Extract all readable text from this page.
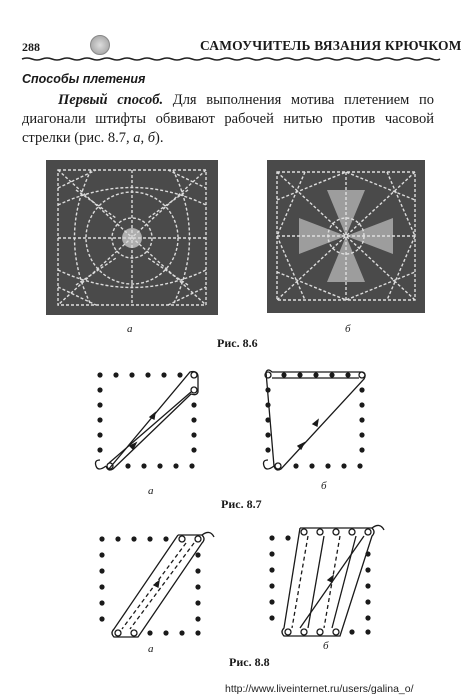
288	САМОУЧИТЕЛЬ ВЯЗАНИЯ КРЮЧКОМ
Способы плетения
Первый способ. Для выполнения мотива плетением по диагонали штифты обвивают рабочей нитью против часовой стрелки (рис. 8.7, а, б).
а	б
Рис. 8.6
а	б
Рис. 8.7
а	б
Рис. 8.8
http://www.liveinternet.ru/users/galina_o/
